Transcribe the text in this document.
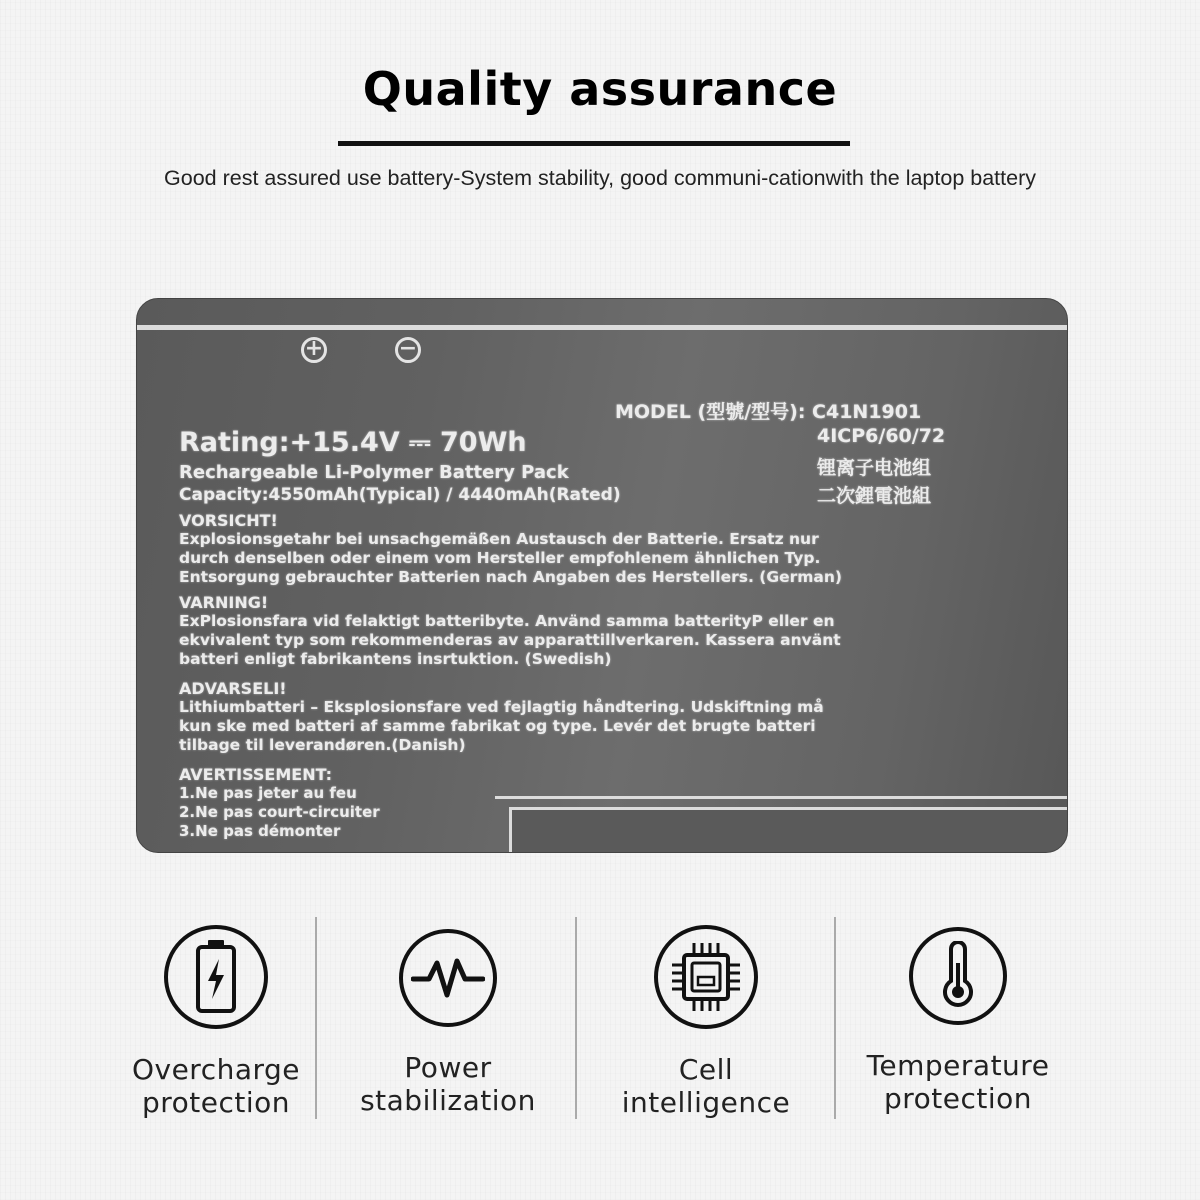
Quality assurance
Good rest assured use battery-System stability, good communi-cationwith the laptop battery
+	−
MODEL (型號/型号): C41N1901
4ICP6/60/72
锂离子电池组
二次鋰電池組
Rating:+15.4V ⎓ 70Wh
Rechargeable Li-Polymer Battery Pack
Capacity:4550mAh(Typical) / 4440mAh(Rated)
VORSICHT!
Explosionsgetahr bei unsachgemäßen Austausch der Batterie. Ersatz nur
durch denselben oder einem vom Hersteller empfohlenem ähnlichen Typ.
Entsorgung gebrauchter Batterien nach Angaben des Herstellers. (German)
VARNING!
ExPlosionsfara vid felaktigt batteribyte. Använd samma batterityP eller en
ekvivalent typ som rekommenderas av apparattillverkaren. Kassera använt
batteri enligt fabrikantens insrtuktion. (Swedish)
ADVARSELI!
Lithiumbatteri – Eksplosionsfare ved fejlagtig håndtering. Udskiftning må
kun ske med batteri af samme fabrikat og type. Levér det brugte batteri
tilbage til leverandøren.(Danish)
AVERTISSEMENT:
1.Ne pas jeter au feu
2.Ne pas court-circuiter
3.Ne pas démonter
Overcharge
protection
Power
stabilization
Cell
intelligence
Temperature
protection
